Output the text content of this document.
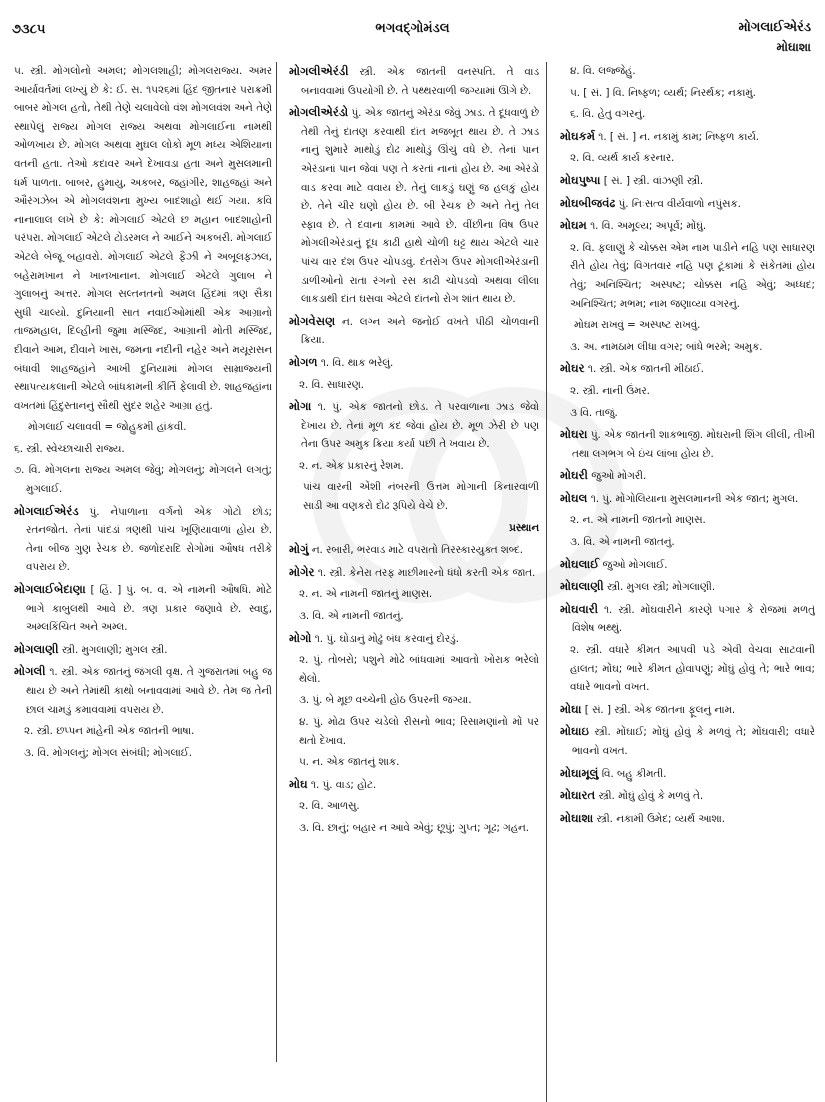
૭૩૮૫	ભગવદ્ગોમંડલ	મોગલાઈએરંડ
મોઘાશા

૫. સ્ત્રી. મોગલોનો અમલ; મોગલશાહી; મોગલરાજ્ય. અમર આર્યાવર્તમાં લખ્યું છે કે: ઈ. સ. ૧૫૨૬માં હિંદ જીતનાર પરાક્રમી બાબર મોગલ હતો, તેથી તેણે ચલાવેલો વંશ મોગલવંશ અને તેણે સ્થાપેલું રાજ્ય મોગલ રાજ્ય અથવા મોગલાઈના નામથી ઓળખાય છે. મોગલ અથવા મુઘલ લોકો મૂળ મધ્ય એશિયાના વતની હતા. તેઓ કદાવર અને દેખાવડા હતા અને મુસલમાની ધર્મ પાળતા. બાબર, હુમાયુ, અકબર, જહાંગીર, શાહજહાં અને ઔરંગઝેબ એ મોગલવંશના મુખ્ય બાદશાહો થઈ ગયા. કવિ નાનાલાલ લખે છે કે: મોગલાઈ એટલે છ મહાન બાદશાહોની પરંપરા. મોગલાઈ એટલે ટોડરમલ ને આઈને અકબરી. મોગલાઈ એટલે બેજૂ બહાવરો. મોગલાઈ એટલે ફૈઝી ને અબૂલફઝલ, બહેરામખાન ને ખાનખાનાન. મોગલાઈ એટલે ગુલાબ ને ગુલાબનું અત્તર. મોગલ સલ્તનતનો અમલ હિંદમાં ત્રણ સૈકા સુધી ચાલ્યો. દુનિયાની સાત નવાઈઓમાંથી એક આગ્રાનો તાજમહાલ, દિલ્હીની જુમા મસ્જિદ, આગ્રાની મોતી મસ્જિદ, દીવાને આમ, દીવાને ખાસ, જમના નદીની નહેર અને મયૂરાસન બંધાવી શાહજહાંને આખી દુનિયામાં મોગલ સામ્રાજ્યની સ્થાપત્યકલાની એટલે બાંધકામની કીર્તિ ફેલાવી છે. શાહજહાંના વખતમાં હિંદુસ્તાનનું સૌથી સુંદર શહેર આગ્રા હતું.

મોગલાઈ ચલાવવી = જોહુકમી હાંકવી.

૬. સ્ત્રી. સ્વેચ્છાચારી રાજ્ય.

૭. વિ. મોગલના રાજ્ય અમલ જેવું; મોગલનું; મોગલને લગતું; મુગલાઈ.

મોગલાઈએરંડ પું. નેપાળાના વર્ગનો એક ગોટો છોડ; રતનજોત. તેનાં પાંદડાં ત્રણથી પાંચ ખૂણિયાવાળાં હોય છે. તેના બીજ ગુણ રેચક છે. જળોદરાદિ રોગોમાં ઔષધ તરીકે વપરાય છે.

મોગલાઈબેદાણા [ હિં. ] પું. બ. વ. એ નામની ઔષધિ. મોટે ભાગે કાબુલથી આવે છે. ત્રણ પ્રકાર જણાવે છે. સ્વાદુ, અમ્લકિંચિત અને અમ્લ.

મોગલાણી સ્ત્રી. મુગલાણી; મુગલ સ્ત્રી.

મોગલી ૧. સ્ત્રી. એક જાતનું જંગલી વૃક્ષ. તે ગુજરાતમાં બહુ જ થાય છે અને તેમાંથી કાથો બનાવવામાં આવે છે. તેમ જ તેની છાલ ચામડું કમાવવામાં વપરાય છે.

૨. સ્ત્રી. છપ્પન માંહેની એક જાતની ભાષા.

૩. વિ. મોગલનું; મોગલ સંબંધી; મોગલાઈ.

મોગલીએરંડી સ્ત્રી. એક જાતની વનસ્પતિ. તે વાડ બનાવવામાં ઉપયોગી છે. તે પથ્થરવાળી જગ્યામાં ઊગે છે.

મોગલીએરંડો પું. એક જાતનું એરંડા જેવું ઝાડ. તે દૂધવાળું છે તેથી તેનું દાતણ કરવાથી દાંત મજબૂત થાય છે. તે ઝાડ નાનું શુમારે માથોડું દોઢ માથોડું ઊંચું વધે છે. તેનાં પાન એરંડાનાં પાન જેવાં પણ તે કરતાં નાનાં હોય છે. આ એરંડો વાડ કરવા માટે વવાય છે. તેનું લાકડું ઘણું જ હલકું હોય છે. તેને ચીર ઘણો હોય છે. બી રેચક છે અને તેનું તેલ સ્ફાવ છે. તે દવાના કામમાં આવે છે. વીંછીના વિષ ઉપર મોગલીએરંડાનું દૂધ કાઢી હાથે ચોળી ઘટ્ટ થાય એટલે ચાર પાંચ વાર દંશ ઉપર ચોપડવું. દંતરોગ ઉપર મોગલીએરંડાની ડાળીઓનો રાતા રંગનો રસ કાઢી ચોપડવો અથવા લીલા લાકડાથી દાંત ઘસવા એટલે દાંતનો રોગ શાંત થાય છે.

મોગવેસણ ન. લગ્ન અને જનોઈ વખતે પીઠી ચોળવાની ક્રિયા.

મોગળ ૧. વિ. થાક ભરેલું.

૨. વિ. સાધારણ.

મોગા ૧. પું. એક જાતનો છોડ. તે પરવાળાના ઝાડ જેવો દેખાય છે. તેનાં મૂળ કંદ જેવાં હોય છે. મૂળ ઝેરી છે પણ તેના ઉપર અમુક ક્રિયા કર્યા પછી તે ખવાય છે.

૨. ન. એક પ્રકારનું રેશમ.

પાંચ વારની એંશી નંબરની ઉત્તમ મોગાની કિનારવાળી સાડી આ વણકરો દોઢ રૂપિયે વેચે છે.

પ્રસ્થાન

મોગું ન. રબારી, ભરવાડ માટે વપરાતો તિરસ્કારયુક્ત શબ્દ.

મોગેર ૧. સ્ત્રી. કેનેરા તરફ માછીમારનો ધંધો કરતી એક જાત.

૨. ન. એ નામની જાતનું માણસ.

૩. વિ. એ નામની જાતનું.

મોગો ૧. પું. ઘોડાનું મોઢું બંધ કરવાનું દોરડું.

૨. પું. તોબરો; પશુને મોઢે બાંધવામાં આવતો ખોરાક ભરેલો થેલો.

૩. પું. બે મૂછ વચ્ચેની હોઠ ઉપરની જગ્યા.

૪. પું. મોઢા ઉપર ચડેલો રીસનો ભાવ; રિસામણાંનો મોં પર થતો દેખાવ.

૫. ન. એક જાતનું શાક.

મોઘ ૧. પું. વાડ; હોટ.

૨. વિ. આળસુ.

૩. વિ. છાનું; બહાર ન આવે એવું; છૂપું; ગુપ્ત; ગૂઢ; ગહન.

૪. વિ. લજ્જેહું.

૫. [ સં. ] વિ. નિષ્ફળ; વ્યર્થ; નિરર્થક; નકામું.

૬. વિ. હેતુ વગરનું.

મોઘકર્મ ૧. [ સં. ] ન. નકામું કામ; નિષ્ફળ કાર્ય.

૨. વિ. વ્યર્થ કાર્ય કરનાર.

મોઘપુષ્પા [ સં. ] સ્ત્રી. વાંઝણી સ્ત્રી.

મોઘબીજવંઢ પું. નિઃસત્વ વીર્યવાળો નપુંસક.

મોઘમ ૧. વિ. અમૂલ્ય; અપૂર્વ; મોંઘું.

૨. વિ. ફલાણું કે ચોક્કસ એમ નામ પાડીને નહિ પણ સાધારણ રીતે હોય તેવું; વિગતવાર નહિ પણ ટૂંકામાં કે સંકેતમાં હોય તેવું; અનિશ્ચિત; અસ્પષ્ટ; ચોક્કસ નહિ એવું; અધ્ધદ; અનિશ્ચિત; મભમ; નામ જણાવ્યા વગરનું.

મોઘમ રાખવું = અસ્પષ્ટ રાખવું.

૩. અ. નામઠામ લીધા વગર; બાંધે ભરમે; અમુક.

મોઘર ૧. સ્ત્રી. એક જાતની મીઠાઈ.

૨. સ્ત્રી. નાની ઉંમર.

૩ વિ. તાજું.

મોઘરા પું. એક જાતની શાકભાજી. મોઘરાની શિંગ લીલી, તીખી તથા લગભગ બે ઇંચ લાંબા હોય છે.

મોઘરી જુઓ મોગરી.

મોઘલ ૧. પું. મોંગોલિયાના મુસલમાનની એક જાત; મુગલ.

૨. ન. એ નામની જાતનો માણસ.

૩. વિ. એ નામની જાતનું.

મોઘલાઈ જુઓ મોગલાઈ.

મોઘલાણી સ્ત્રી. મુગલ સ્ત્રી; મોગલાણી.

મોઘવારી ૧. સ્ત્રી. મોંઘવારીને કારણે પગાર કે રોજમાં મળતું વિશેષ ભથ્થું.

૨. સ્ત્રી. વધારે કીમત આપવી પડે એવી વેચવા સાટવાની હાલત; મોંઘ; ભારે કીમત હોવાપણું; મોંઘું હોવું તે; ભારે ભાવ; વધારે ભાવનો વખત.

મોઘા [ સં. ] સ્ત્રી. એક જાતના ફૂલનું નામ.

મોઘાઇ સ્ત્રી. મોંઘાઈ; મોંઘું હોવું કે મળવું તે; મોંઘવારી; વધારે ભાવનો વખત.

મોઘામૂલું વિ. બહુ કીમતી.

મોઘારત સ્ત્રી. મોંઘું હોવું કે મળવું તે.

મોઘાશા સ્ત્રી. નકામી ઉમેદ; વ્યર્થ આશા.
